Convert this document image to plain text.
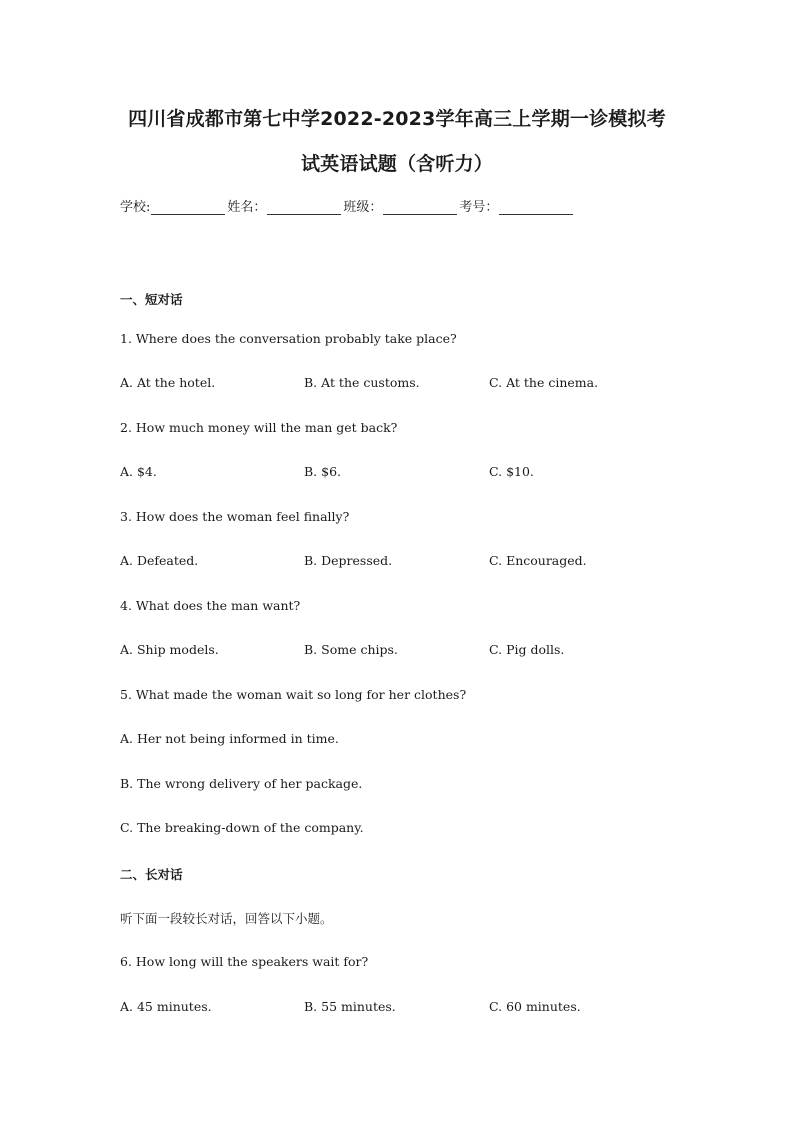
四川省成都市第七中学2022-2023学年高三上学期一诊模拟考
试英语试题（含听力）
学校:	姓名：	班级：	考号：
一、短对话
1. Where does the conversation probably take place?
A. At the hotel.	B. At the customs.	C. At the cinema.
2. How much money will the man get back?
A. $4.	B. $6.	C. $10.
3. How does the woman feel finally?
A. Defeated.	B. Depressed.	C. Encouraged.
4. What does the man want?
A. Ship models.	B. Some chips.	C. Pig dolls.
5. What made the woman wait so long for her clothes?
A. Her not being informed in time.
B. The wrong delivery of her package.
C. The breaking-down of the company.
二、长对话
听下面一段较长对话，回答以下小题。
6. How long will the speakers wait for?
A. 45 minutes.	B. 55 minutes.	C. 60 minutes.
